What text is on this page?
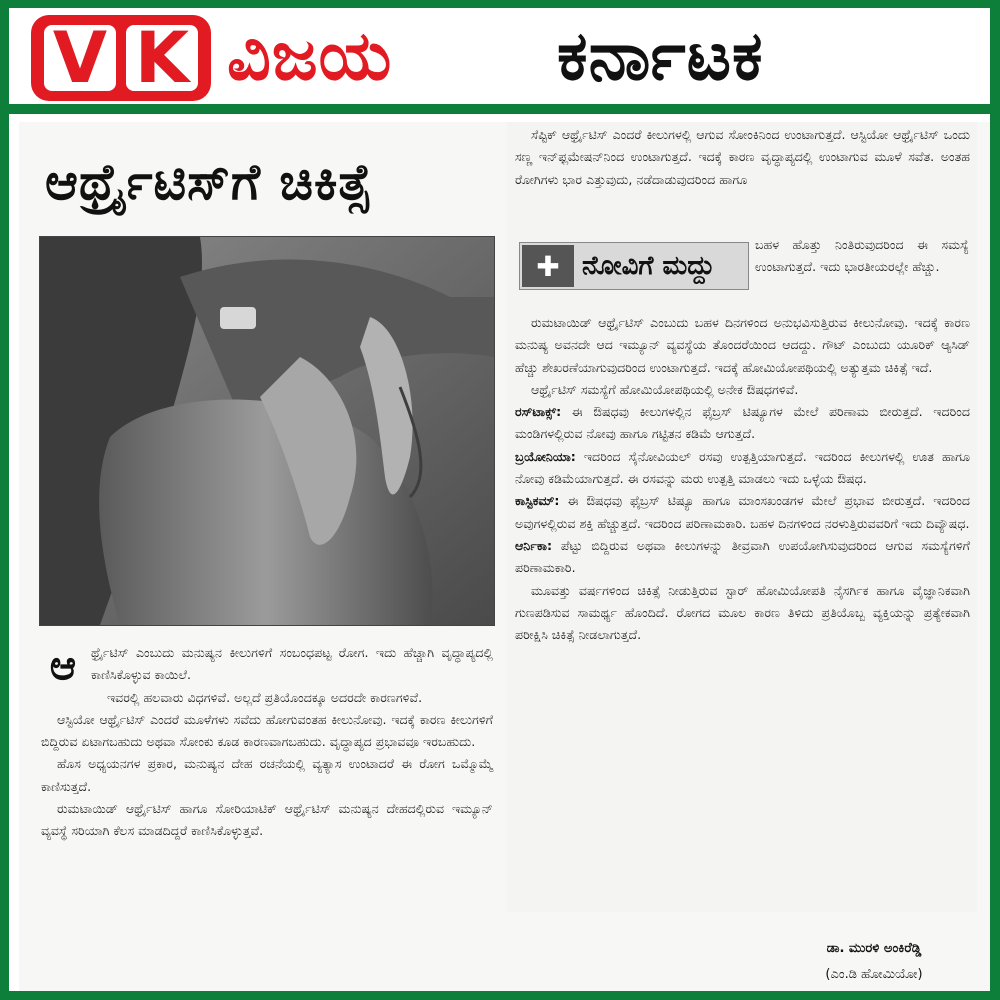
V K ವಿಜಯ ಕರ್ನಾಟಕ
ಆರ್ಥ್ರೈಟಿಸ್‌ಗೆ ಚಿಕಿತ್ಸೆ
ಆ	ರ್ಥ್ರೈಟಿಸ್ ಎಂಬುದು ಮನುಷ್ಯನ ಕೀಲುಗಳಿಗೆ ಸಂಬಂಧಪಟ್ಟ ರೋಗ. ಇದು ಹೆಚ್ಚಾಗಿ ವೃದ್ಧಾಪ್ಯದಲ್ಲಿ ಕಾಣಿಸಿಕೊಳ್ಳುವ ಕಾಯಿಲೆ.

ಇವರಲ್ಲಿ ಹಲವಾರು ವಿಧಗಳಿವೆ. ಅಲ್ಲದೆ ಪ್ರತಿಯೊಂದಕ್ಕೂ ಅದರದೇ ಕಾರಣಗಳಿವೆ.

ಆಸ್ಟಿಯೋ ಆರ್ಥ್ರೈಟಿಸ್ ಎಂದರೆ ಮೂಳೆಗಳು ಸವೆದು ಹೋಗುವಂತಹ ಕೀಲುನೋವು. ಇದಕ್ಕೆ ಕಾರಣ ಕೀಲುಗಳಿಗೆ ಬಿದ್ದಿರುವ ಏಟಾಗಬಹುದು ಅಥವಾ ಸೋಂಕು ಕೂಡ ಕಾರಣವಾಗಬಹುದು. ವೃದ್ಧಾಪ್ಯದ ಪ್ರಭಾವವೂ ಇರಬಹುದು.

ಹೊಸ ಅಧ್ಯಯನಗಳ ಪ್ರಕಾರ, ಮನುಷ್ಯನ ದೇಹ ರಚನೆಯಲ್ಲಿ ವ್ಯತ್ಯಾಸ ಉಂಟಾದರೆ ಈ ರೋಗ ಒಮ್ಮೊಮ್ಮೆ ಕಾಣಿಸುತ್ತದೆ.

ರುಮಟಾಯಿಡ್ ಆರ್ಥ್ರೈಟಿಸ್ ಹಾಗೂ ಸೋರಿಯಾಟಿಕ್ ಆರ್ಥ್ರೈಟಿಸ್ ಮನುಷ್ಯನ ದೇಹದಲ್ಲಿರುವ ಇಮ್ಯೂನ್ ವ್ಯವಸ್ಥೆ ಸರಿಯಾಗಿ ಕೆಲಸ ಮಾಡದಿದ್ದರೆ ಕಾಣಿಸಿಕೊಳ್ಳುತ್ತವೆ.

ಸೆಪ್ಟಿಕ್ ಆರ್ಥ್ರೈಟಿಸ್ ಎಂದರೆ ಕೀಲುಗಳಲ್ಲಿ ಆಗುವ ಸೋಂಕಿನಿಂದ ಉಂಟಾಗುತ್ತದೆ. ಆಸ್ಟಿಯೋ ಆರ್ಥ್ರೈಟಿಸ್ ಒಂದು ಸಣ್ಣ ಇನ್‌ಫ್ಲಮೇಷನ್‌ನಿಂದ ಉಂಟಾಗುತ್ತದೆ. ಇದಕ್ಕೆ ಕಾರಣ ವೃದ್ಧಾಪ್ಯದಲ್ಲಿ ಉಂಟಾಗುವ ಮೂಳೆ ಸವೆತ. ಅಂತಹ ರೋಗಿಗಳು ಭಾರ ಎತ್ತುವುದು, ನಡೆದಾಡುವುದರಿಂದ ಹಾಗೂ

✚ ನೋವಿಗೆ ಮದ್ದು

ಬಹಳ ಹೊತ್ತು ನಿಂತಿರುವುದರಿಂದ ಈ ಸಮಸ್ಯೆ ಉಂಟಾಗುತ್ತದೆ. ಇದು ಭಾರತೀಯರಲ್ಲೇ ಹೆಚ್ಚು.

ರುಮಟಾಯಿಡ್ ಆರ್ಥ್ರೈಟಿಸ್ ಎಂಬುದು ಬಹಳ ದಿನಗಳಿಂದ ಅನುಭವಿಸುತ್ತಿರುವ ಕೀಲುನೋವು. ಇದಕ್ಕೆ ಕಾರಣ ಮನುಷ್ಯ ಅವನದೇ ಆದ ಇಮ್ಯೂನ್ ವ್ಯವಸ್ಥೆಯ ತೊಂದರೆಯಿಂದ ಆದದ್ದು. ಗೌಟ್ ಎಂಬುದು ಯೂರಿಕ್ ಆ್ಯಸಿಡ್ ಹೆಚ್ಚು ಶೇಖರಣೆಯಾಗುವುದರಿಂದ ಉಂಟಾಗುತ್ತದೆ. ಇದಕ್ಕೆ ಹೋಮಿಯೋಪಥಿಯಲ್ಲಿ ಅತ್ಯುತ್ತಮ ಚಿಕಿತ್ಸೆ ಇದೆ.

ಆರ್ಥ್ರೈಟಿಸ್ ಸಮಸ್ಯೆಗೆ ಹೋಮಿಯೋಪಥಿಯಲ್ಲಿ ಅನೇಕ ಔಷಧಗಳಿವೆ.

ರಸ್‌ಟಾಕ್ಸ್: ಈ ಔಷಧವು ಕೀಲುಗಳಲ್ಲಿನ ಫೈಬ್ರಸ್ ಟಿಷ್ಯೂಗಳ ಮೇಲೆ ಪರಿಣಾಮ ಬೀರುತ್ತದೆ. ಇದರಿಂದ ಮಂಡಿಗಳಲ್ಲಿರುವ ನೋವು ಹಾಗೂ ಗಟ್ಟಿತನ ಕಡಿಮೆ ಆಗುತ್ತದೆ.

ಬ್ರಯೋನಿಯಾ: ಇದರಿಂದ ಸೈನೋವಿಯಲ್ ರಸವು ಉತ್ಪತ್ತಿಯಾಗುತ್ತದೆ. ಇದರಿಂದ ಕೀಲುಗಳಲ್ಲಿ ಊತ ಹಾಗೂ ನೋವು ಕಡಿಮೆಯಾಗುತ್ತದೆ. ಈ ರಸವನ್ನು ಮರು ಉತ್ಪತ್ತಿ ಮಾಡಲು ಇದು ಒಳ್ಳೆಯ ಔಷಧ.

ಕಾಸ್ಟಿಕಮ್: ಈ ಔಷಧವು ಫೈಬ್ರಸ್ ಟಿಷ್ಯೂ ಹಾಗೂ ಮಾಂಸಖಂಡಗಳ ಮೇಲೆ ಪ್ರಭಾವ ಬೀರುತ್ತದೆ. ಇದರಿಂದ ಅವುಗಳಲ್ಲಿರುವ ಶಕ್ತಿ ಹೆಚ್ಚುತ್ತದೆ. ಇದರಿಂದ ಪರಿಣಾಮಕಾರಿ. ಬಹಳ ದಿನಗಳಿಂದ ನರಳುತ್ತಿರುವವರಿಗೆ ಇದು ದಿವ್ಯೌಷಧ.

ಆರ್ನಿಕಾ: ಪೆಟ್ಟು ಬಿದ್ದಿರುವ ಅಥವಾ ಕೀಲುಗಳನ್ನು ತೀವ್ರವಾಗಿ ಉಪಯೋಗಿಸುವುದರಿಂದ ಆಗುವ ಸಮಸ್ಯೆಗಳಿಗೆ ಪರಿಣಾಮಕಾರಿ.

ಮೂವತ್ತು ವರ್ಷಗಳಿಂದ ಚಿಕಿತ್ಸೆ ನೀಡುತ್ತಿರುವ ಸ್ಟಾರ್ ಹೋಮಿಯೋಪತಿ ನೈಸರ್ಗಿಕ ಹಾಗೂ ವೈಜ್ಞಾನಿಕವಾಗಿ ಗುಣಪಡಿಸುವ ಸಾಮರ್ಥ್ಯ ಹೊಂದಿದೆ. ರೋಗದ ಮೂಲ ಕಾರಣ ತಿಳಿದು ಪ್ರತಿಯೊಬ್ಬ ವ್ಯಕ್ತಿಯನ್ನು ಪ್ರತ್ಯೇಕವಾಗಿ ಪರೀಕ್ಷಿಸಿ ಚಿಕಿತ್ಸೆ ನೀಡಲಾಗುತ್ತದೆ.

ಡಾ. ಮುರಳಿ ಅಂಕಿರೆಡ್ಡಿ
(ಎಂ.ಡಿ ಹೋಮಿಯೋ)
